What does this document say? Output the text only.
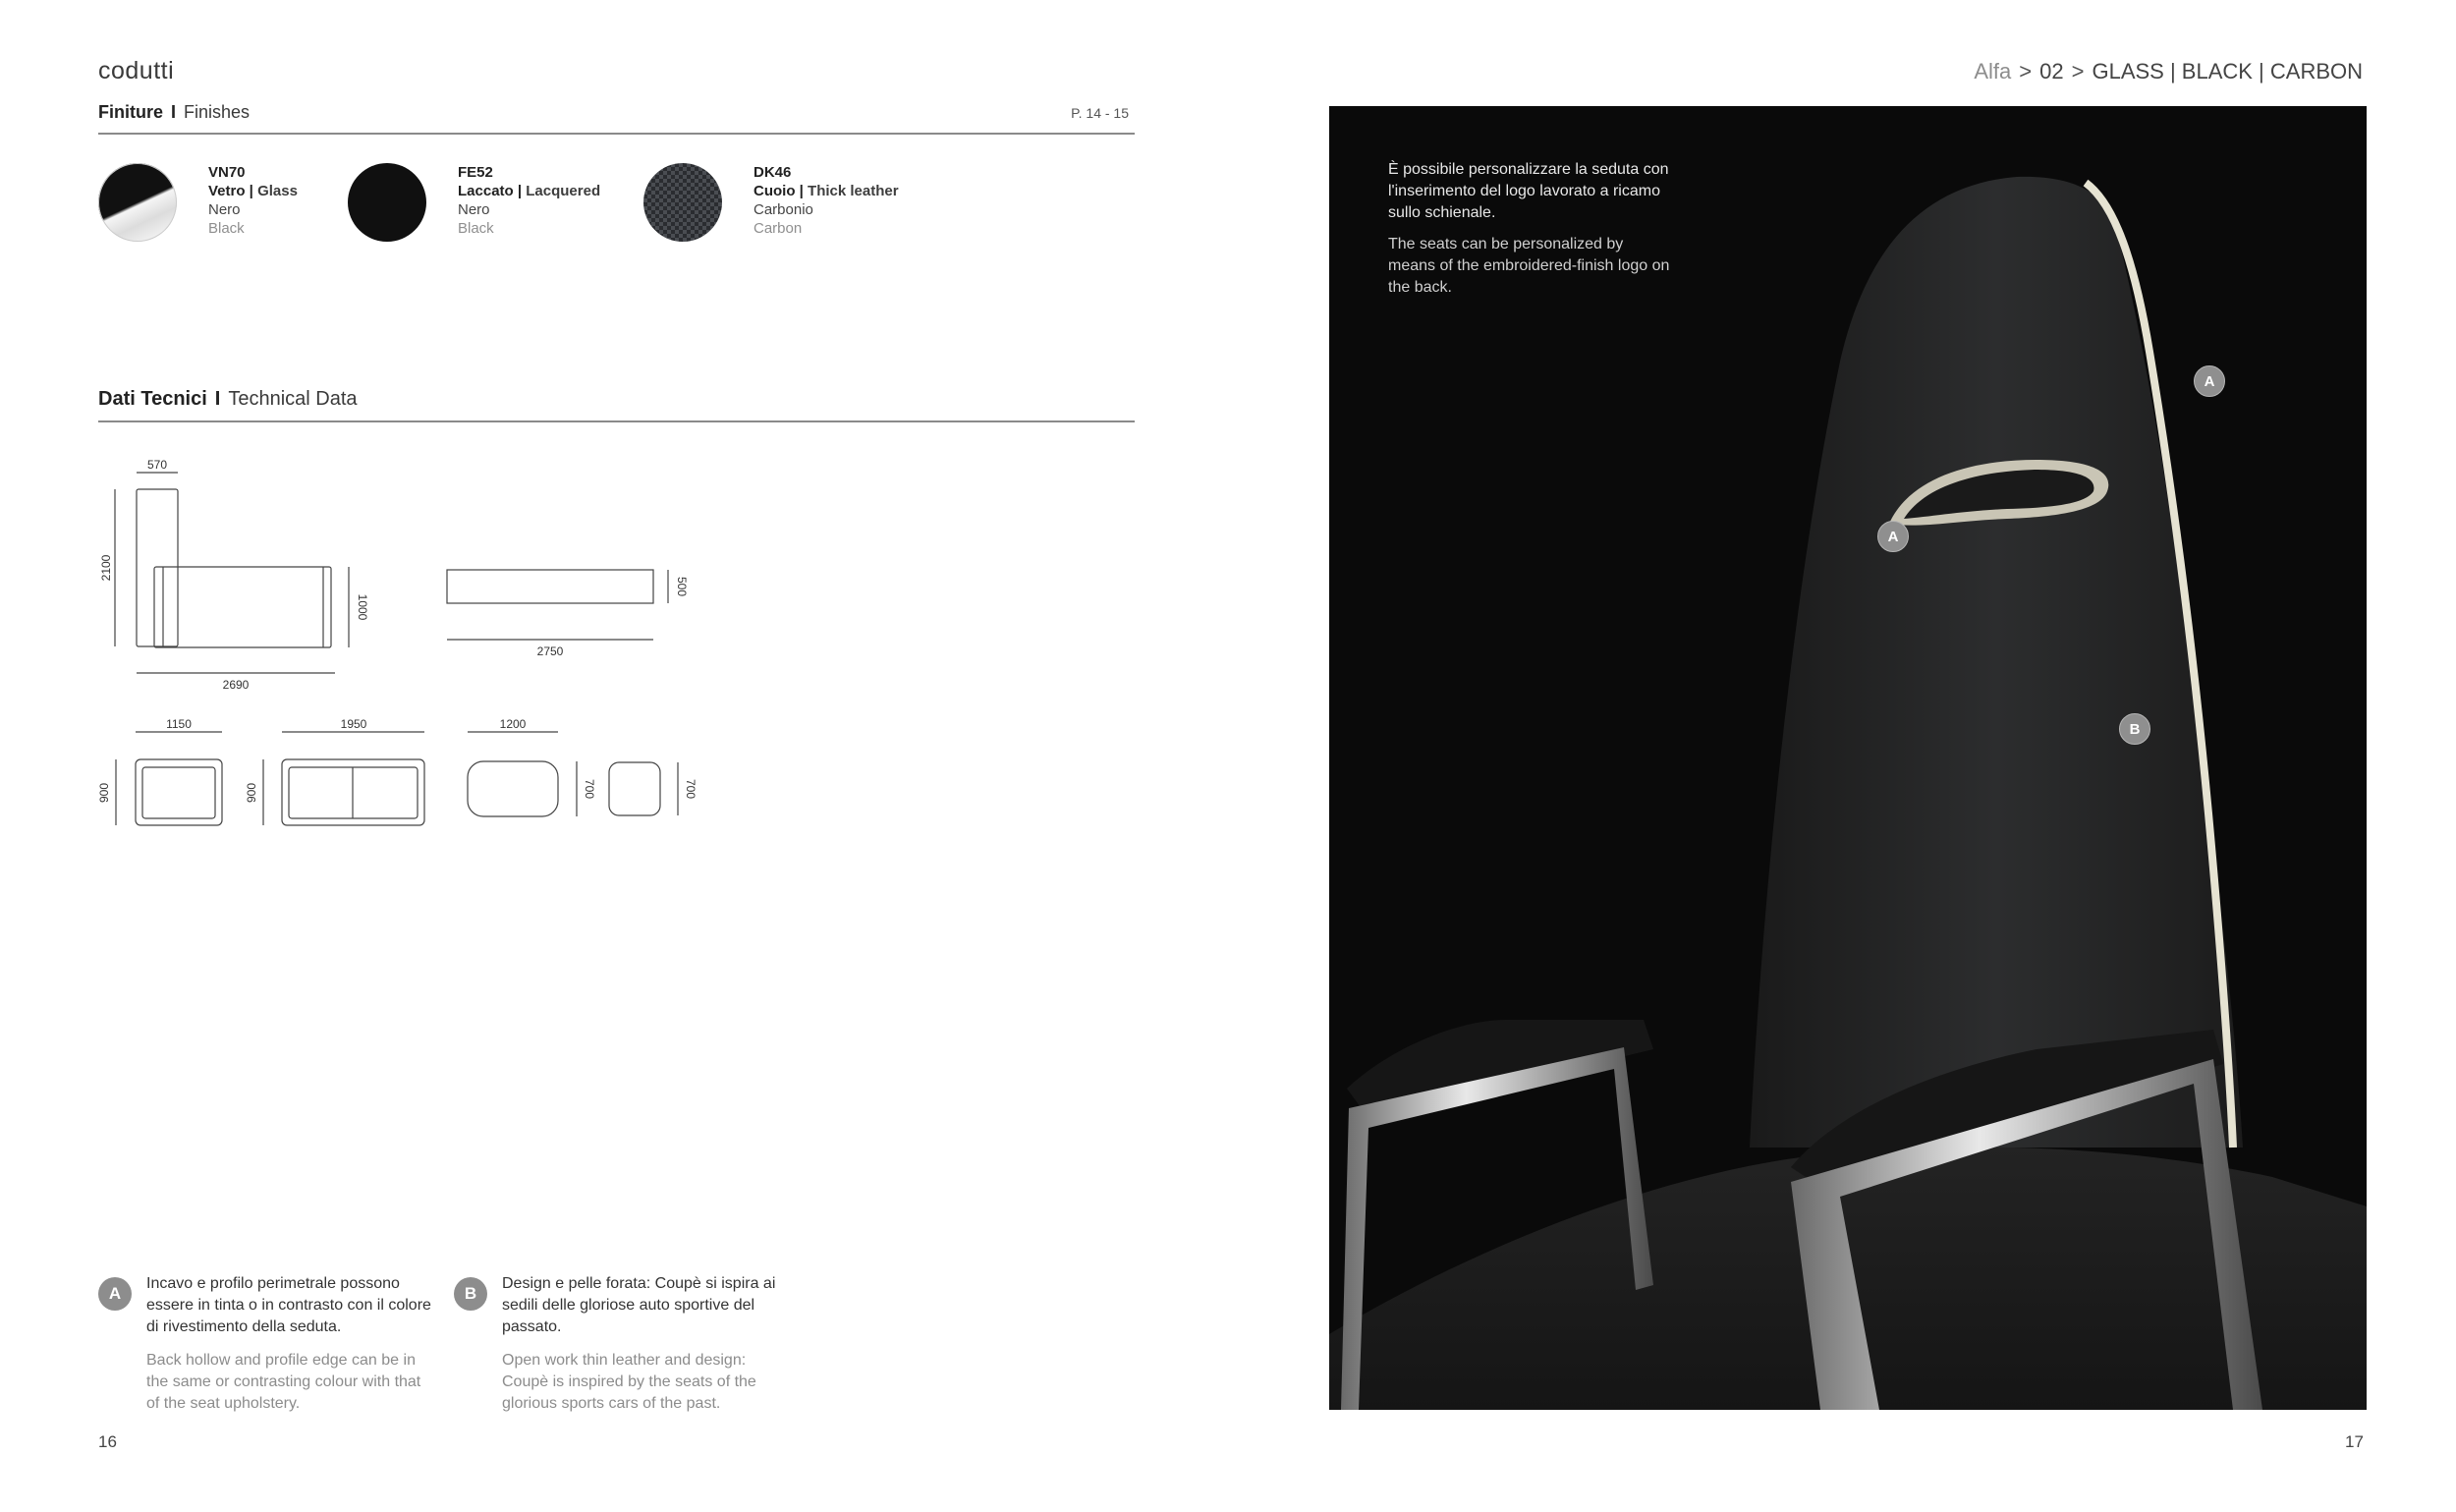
codutti
Finiture I Finishes	P. 14 - 15
VN70
Vetro | Glass
Nero
Black
FE52
Laccato | Lacquered
Nero
Black
DK46
Cuoio | Thick leather
Carbonio
Carbon
Dati Tecnici I Technical Data
570
2100
2690
1000
2750
500
1150
900
1950
900
1200
700	700
A
Incavo e profilo perimetrale possono essere in tinta o in contrasto con il colore di rivestimento della seduta.
Back hollow and profile edge can be in the same or contrasting colour with that of the seat upholstery.
B
Design e pelle forata: Coupè si ispira ai sedili delle gloriose auto sportive del passato.
Open work thin leather and design: Coupè is inspired by the seats of the glorious sports cars of the past.
16	17
Alfa > 02 > GLASS | BLACK | CARBON
È possibile personalizzare la seduta con l'inserimento del logo lavorato a ricamo sullo schienale.
The seats can be personalized by means of the embroidered-finish logo on the back.
A
A
B
